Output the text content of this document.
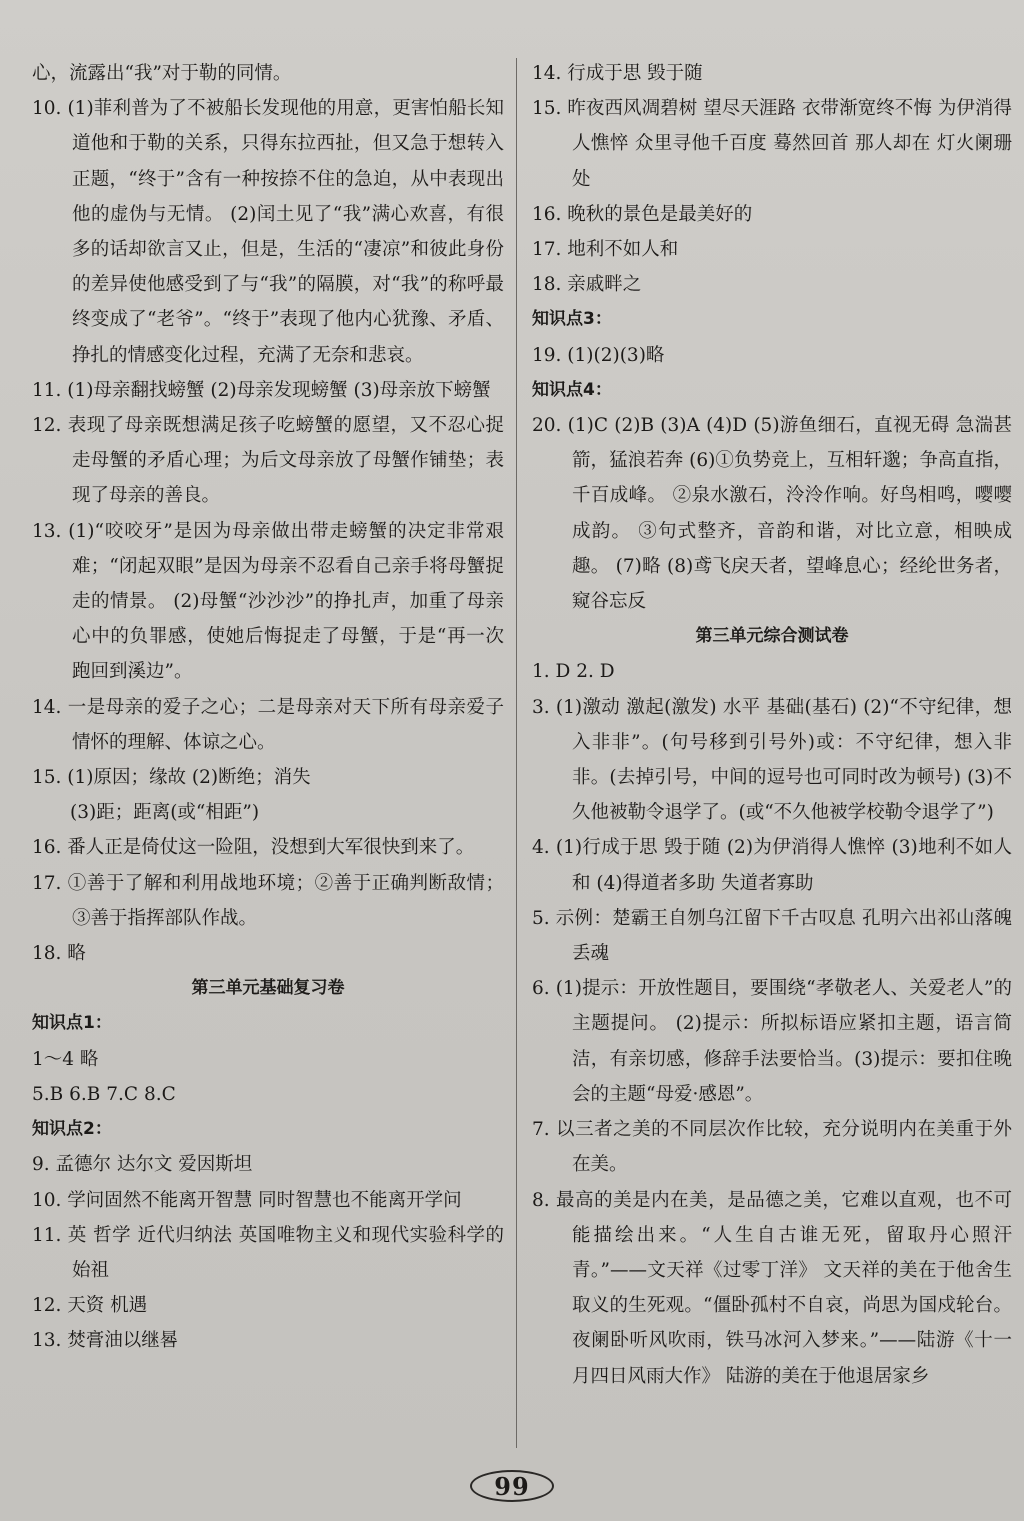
心，流露出“我”对于勒的同情。

10. (1)菲利普为了不被船长发现他的用意，更害怕船长知道他和于勒的关系，只得东拉西扯，但又急于想转入正题，“终于”含有一种按捺不住的急迫，从中表现出他的虚伪与无情。 (2)闰土见了“我”满心欢喜，有很多的话却欲言又止，但是，生活的“凄凉”和彼此身份的差异使他感受到了与“我”的隔膜，对“我”的称呼最终变成了“老爷”。“终于”表现了他内心犹豫、矛盾、挣扎的情感变化过程，充满了无奈和悲哀。

11. (1)母亲翻找螃蟹 (2)母亲发现螃蟹 (3)母亲放下螃蟹

12. 表现了母亲既想满足孩子吃螃蟹的愿望，又不忍心捉走母蟹的矛盾心理；为后文母亲放了母蟹作铺垫；表现了母亲的善良。

13. (1)“咬咬牙”是因为母亲做出带走螃蟹的决定非常艰难；“闭起双眼”是因为母亲不忍看自己亲手将母蟹捉走的情景。 (2)母蟹“沙沙沙”的挣扎声，加重了母亲心中的负罪感，使她后悔捉走了母蟹，于是“再一次跑回到溪边”。

14. 一是母亲的爱子之心；二是母亲对天下所有母亲爱子情怀的理解、体谅之心。

15. (1)原因；缘故 (2)断绝；消失

(3)距；距离(或“相距”)

16. 番人正是倚仗这一险阻，没想到大军很快到来了。

17. ①善于了解和利用战地环境；②善于正确判断敌情；③善于指挥部队作战。

18. 略

第三单元基础复习卷

知识点1：

1～4 略

5.B 6.B 7.C 8.C

知识点2：

9. 孟德尔 达尔文 爱因斯坦

10. 学问固然不能离开智慧 同时智慧也不能离开学问

11. 英 哲学 近代归纳法 英国唯物主义和现代实验科学的始祖

12. 天资 机遇

13. 焚膏油以继晷

14. 行成于思 毁于随

15. 昨夜西风凋碧树 望尽天涯路 衣带渐宽终不悔 为伊消得人憔悴 众里寻他千百度 蓦然回首 那人却在 灯火阑珊处

16. 晚秋的景色是最美好的

17. 地利不如人和

18. 亲戚畔之

知识点3：

19. (1)(2)(3)略

知识点4：

20. (1)C (2)B (3)A (4)D (5)游鱼细石，直视无碍 急湍甚箭，猛浪若奔 (6)①负势竞上，互相轩邈；争高直指，千百成峰。 ②泉水激石，泠泠作响。好鸟相鸣，嘤嘤成韵。 ③句式整齐，音韵和谐，对比立意，相映成趣。 (7)略 (8)鸢飞戾天者，望峰息心；经纶世务者，窥谷忘反

第三单元综合测试卷

1. D 2. D

3. (1)激动 激起(激发) 水平 基础(基石) (2)“不守纪律，想入非非”。(句号移到引号外)或：不守纪律，想入非非。(去掉引号，中间的逗号也可同时改为顿号) (3)不久他被勒令退学了。(或“不久他被学校勒令退学了”)

4. (1)行成于思 毁于随 (2)为伊消得人憔悴 (3)地利不如人和 (4)得道者多助 失道者寡助

5. 示例：楚霸王自刎乌江留下千古叹息 孔明六出祁山落魄丢魂

6. (1)提示：开放性题目，要围绕“孝敬老人、关爱老人”的主题提问。 (2)提示：所拟标语应紧扣主题，语言简洁，有亲切感，修辞手法要恰当。(3)提示：要扣住晚会的主题“母爱·感恩”。

7. 以三者之美的不同层次作比较，充分说明内在美重于外在美。

8. 最高的美是内在美，是品德之美，它难以直观，也不可能描绘出来。“人生自古谁无死，留取丹心照汗青。”——文天祥《过零丁洋》 文天祥的美在于他舍生取义的生死观。“僵卧孤村不自哀，尚思为国戍轮台。夜阑卧听风吹雨，铁马冰河入梦来。”——陆游《十一月四日风雨大作》 陆游的美在于他退居家乡

99
